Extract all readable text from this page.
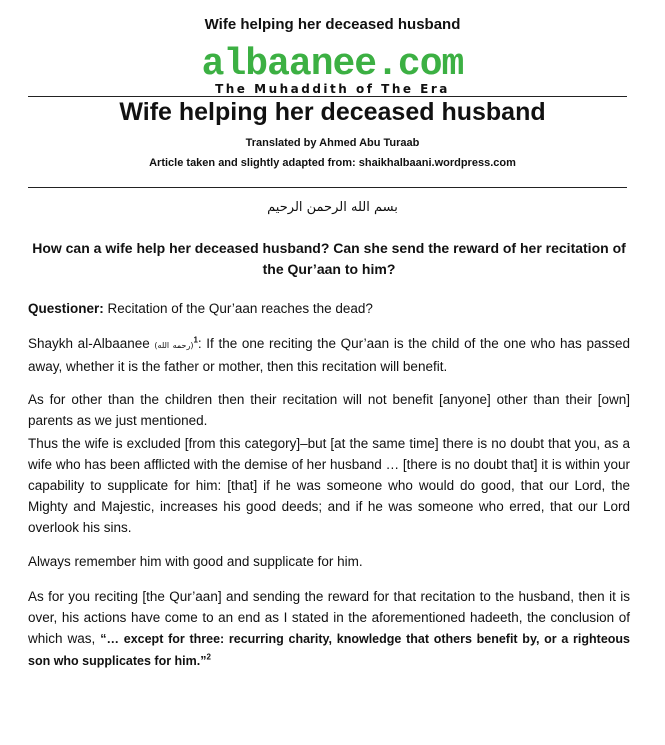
Wife helping her deceased husband
albaanee.com
The Muhaddith of The Era
Wife helping her deceased husband
Translated by Ahmed Abu Turaab
Article taken and slightly adapted from: shaikhalbaani.wordpress.com
بسم الله الرحمن الرحيم
How can a wife help her deceased husband? Can she send the reward of her recitation of the Qur’aan to him?
Questioner: Recitation of the Qur’aan reaches the dead?
Shaykh al-Albaanee (رحمه الله)$^1$: If the one reciting the Qur’aan is the child of the one who has passed away, whether it is the father or mother, then this recitation will benefit.
As for other than the children then their recitation will not benefit [anyone] other than their [own] parents as we just mentioned.
Thus the wife is excluded [from this category]–but [at the same time] there is no doubt that you, as a wife who has been afflicted with the demise of her husband … [there is no doubt that] it is within your capability to supplicate for him: [that] if he was someone who would do good, that our Lord, the Mighty and Majestic, increases his good deeds; and if he was someone who erred, that our Lord overlook his sins.
Always remember him with good and supplicate for him.
As for you reciting [the Qur’aan] and sending the reward for that recitation to the husband, then it is over, his actions have come to an end as I stated in the aforementioned hadeeth, the conclusion of which was, “… except for three: recurring charity, knowledge that others benefit by, or a righteous son who supplicates for him.”$^2$
